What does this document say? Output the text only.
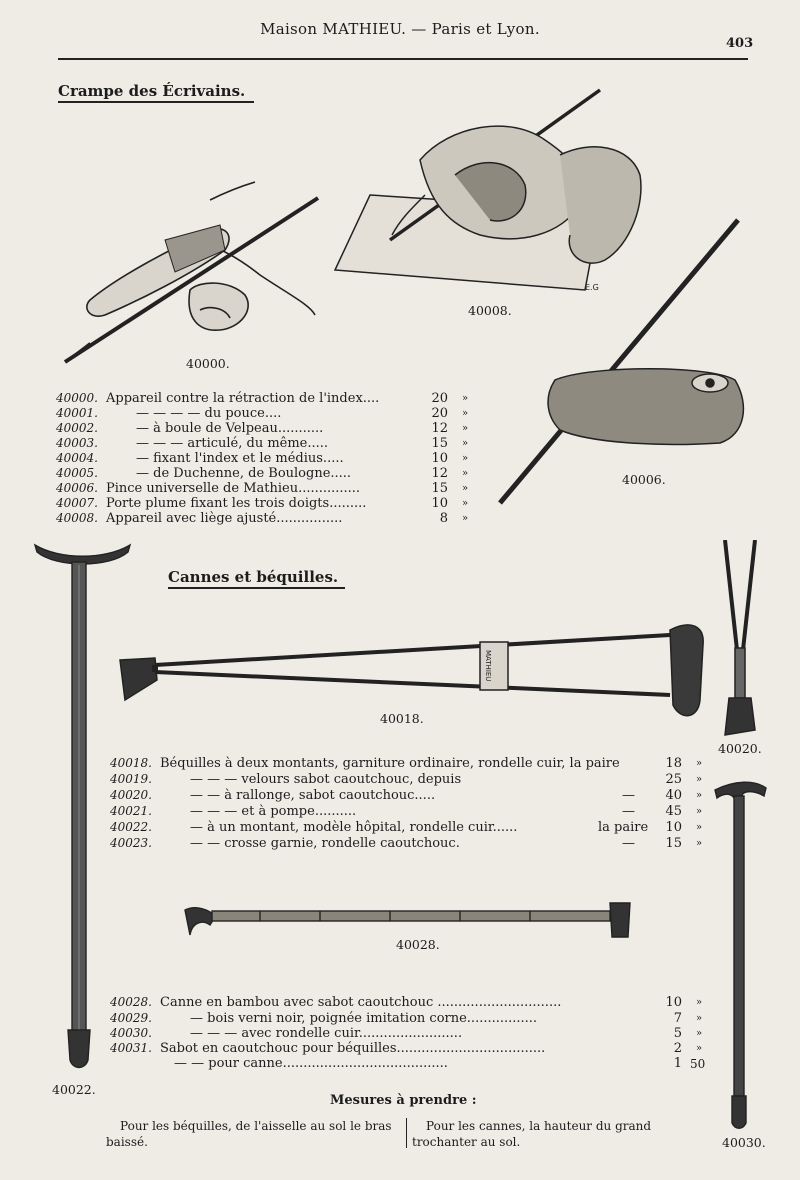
Maison MATHIEU. — Paris et Lyon.
403
Crampe des Écrivains.
40000.
E.G
40008.
40006.
40000. Appareil contre la rétraction de l'index....	20 »
40001.	— — — — du pouce....	20 »
40002.	— à boule de Velpeau...........	12 »
40003.	— — — articulé, du même.....	15 »
40004.	— fixant l'index et le médius.....	10 »
40005.	— de Duchenne, de Boulogne.....	12 »
40006. Pince universelle de Mathieu...............	15 »
40007. Porte plume fixant les trois doigts.........	10 »
40008. Appareil avec liège ajusté................	8 »
40022.
Cannes et béquilles.
MATHIEU
40018.
40020.
40018. Béquilles à deux montants, garniture ordinaire, rondelle cuir, la paire	18 »
40019.	— — — velours sabot caoutchouc, depuis	25 »
40020.	— — à rallonge, sabot caoutchouc.....	—	40 »
40021.	— — — et à pompe..........	—	45 »
40022.	— à un montant, modèle hôpital, rondelle cuir......	la paire	10 »
40023.	— — crosse garnie, rondelle caoutchouc.	—	15 »
40030.
40028.
40028. Canne en bambou avec sabot caoutchouc ..............................	10 »
40029.	— bois verni noir, poignée imitation corne.................	7 »
40030.	— — — avec rondelle cuir.........................	5 »
40031. Sabot en caoutchouc pour béquilles....................................	2 »
— — pour canne........................................	1 50
Mesures à prendre :
Pour les béquilles, de l'aisselle au sol le bras baissé.
Pour les cannes, la hauteur du grand trochanter au sol.
